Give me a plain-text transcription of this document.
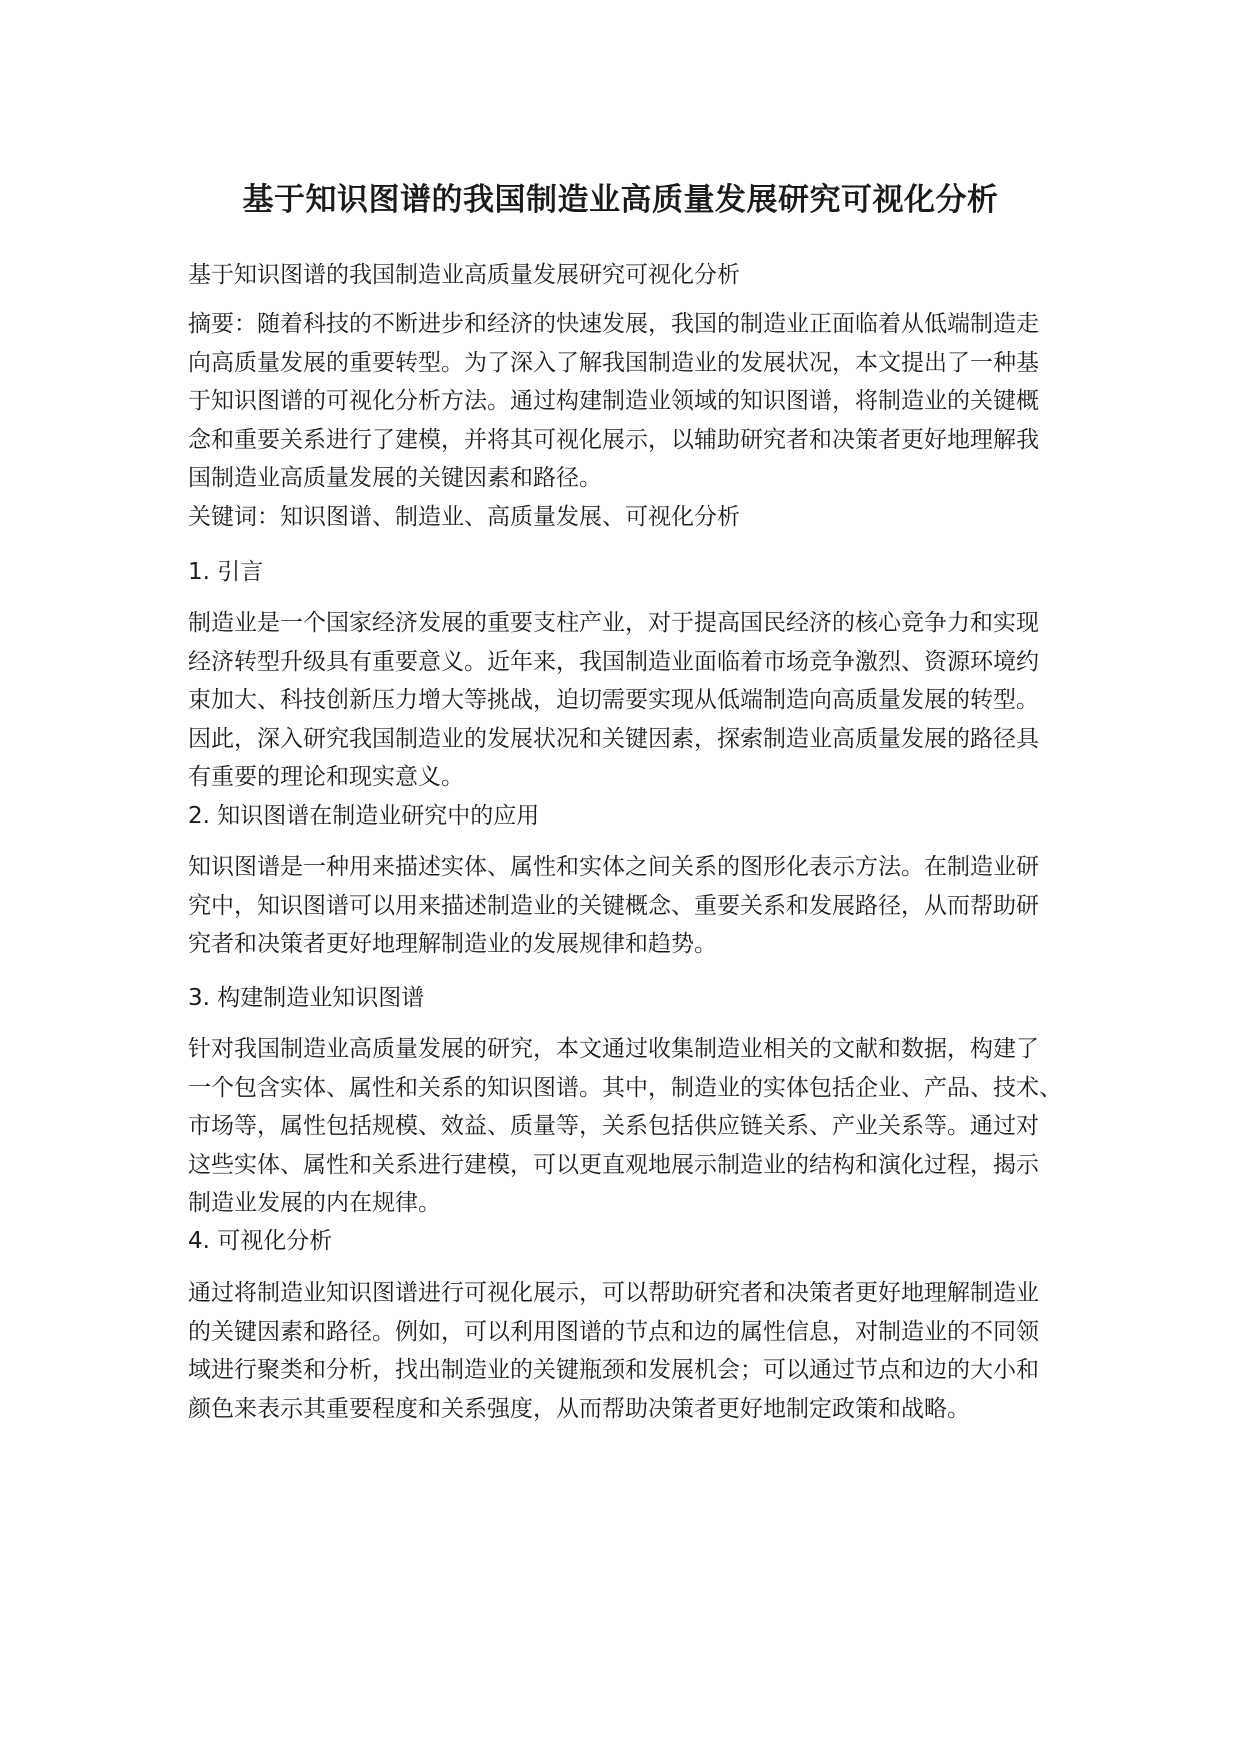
基于知识图谱的我国制造业高质量发展研究可视化分析

基于知识图谱的我国制造业高质量发展研究可视化分析

摘要：随着科技的不断进步和经济的快速发展，我国的制造业正面临着从低端制造走
向高质量发展的重要转型。为了深入了解我国制造业的发展状况，本文提出了一种基
于知识图谱的可视化分析方法。通过构建制造业领域的知识图谱，将制造业的关键概
念和重要关系进行了建模，并将其可视化展示，以辅助研究者和决策者更好地理解我
国制造业高质量发展的关键因素和路径。

关键词：知识图谱、制造业、高质量发展、可视化分析

1. 引言

制造业是一个国家经济发展的重要支柱产业，对于提高国民经济的核心竞争力和实现
经济转型升级具有重要意义。近年来，我国制造业面临着市场竞争激烈、资源环境约
束加大、科技创新压力增大等挑战，迫切需要实现从低端制造向高质量发展的转型。
因此，深入研究我国制造业的发展状况和关键因素，探索制造业高质量发展的路径具
有重要的理论和现实意义。

2. 知识图谱在制造业研究中的应用

知识图谱是一种用来描述实体、属性和实体之间关系的图形化表示方法。在制造业研
究中，知识图谱可以用来描述制造业的关键概念、重要关系和发展路径，从而帮助研
究者和决策者更好地理解制造业的发展规律和趋势。

3. 构建制造业知识图谱

针对我国制造业高质量发展的研究，本文通过收集制造业相关的文献和数据，构建了
一个包含实体、属性和关系的知识图谱。其中，制造业的实体包括企业、产品、技术、
市场等，属性包括规模、效益、质量等，关系包括供应链关系、产业关系等。通过对
这些实体、属性和关系进行建模，可以更直观地展示制造业的结构和演化过程，揭示
制造业发展的内在规律。

4. 可视化分析

通过将制造业知识图谱进行可视化展示，可以帮助研究者和决策者更好地理解制造业
的关键因素和路径。例如，可以利用图谱的节点和边的属性信息，对制造业的不同领
域进行聚类和分析，找出制造业的关键瓶颈和发展机会；可以通过节点和边的大小和
颜色来表示其重要程度和关系强度，从而帮助决策者更好地制定政策和战略。
